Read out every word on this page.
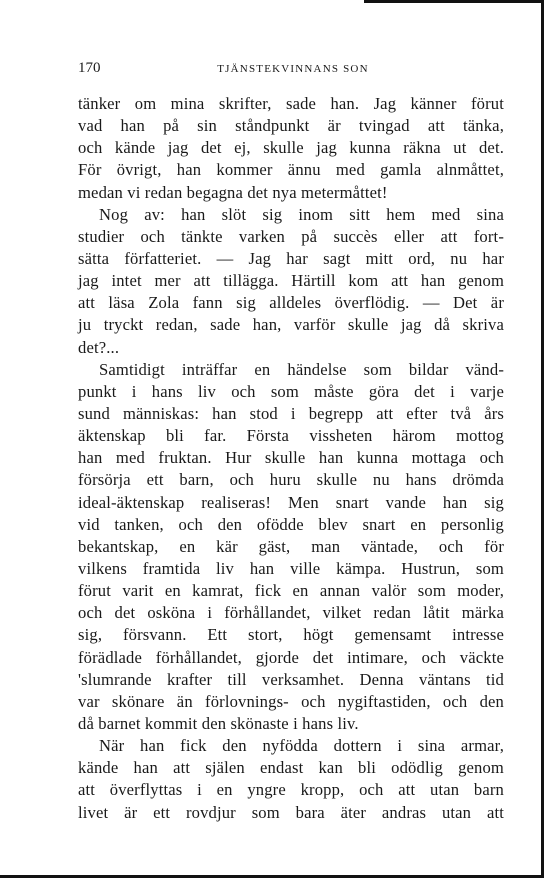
170	TJÄNSTEKVINNANS SON
tänker om mina skrifter, sade han. Jag känner förut
vad han på sin ståndpunkt är tvingad att tänka,
och kände jag det ej, skulle jag kunna räkna ut det.
För övrigt, han kommer ännu med gamla alnmåttet,
medan vi redan begagna det nya metermåttet!
Nog av: han slöt sig inom sitt hem med sina
studier och tänkte varken på succès eller att fort-
sätta författeriet. — Jag har sagt mitt ord, nu har
jag intet mer att tillägga. Härtill kom att han genom
att läsa Zola fann sig alldeles överflödig. — Det är
ju tryckt redan, sade han, varför skulle jag då skriva
det?...
Samtidigt inträffar en händelse som bildar vänd-
punkt i hans liv och som måste göra det i varje
sund människas: han stod i begrepp att efter två års
äktenskap bli far. Första vissheten härom mottog
han med fruktan. Hur skulle han kunna mottaga och
försörja ett barn, och huru skulle nu hans drömda
ideal-äktenskap realiseras! Men snart vande han sig
vid tanken, och den ofödde blev snart en personlig
bekantskap, en kär gäst, man väntade, och för
vilkens framtida liv han ville kämpa. Hustrun, som
förut varit en kamrat, fick en annan valör som moder,
och det osköna i förhållandet, vilket redan låtit märka
sig, försvann. Ett stort, högt gemensamt intresse
förädlade förhållandet, gjorde det intimare, och väckte
'slumrande krafter till verksamhet. Denna väntans tid
var skönare än förlovnings- och nygiftastiden, och den
då barnet kommit den skönaste i hans liv.
När han fick den nyfödda dottern i sina armar,
kände han att själen endast kan bli odödlig genom
att överflyttas i en yngre kropp, och att utan barn
livet är ett rovdjur som bara äter andras utan att
